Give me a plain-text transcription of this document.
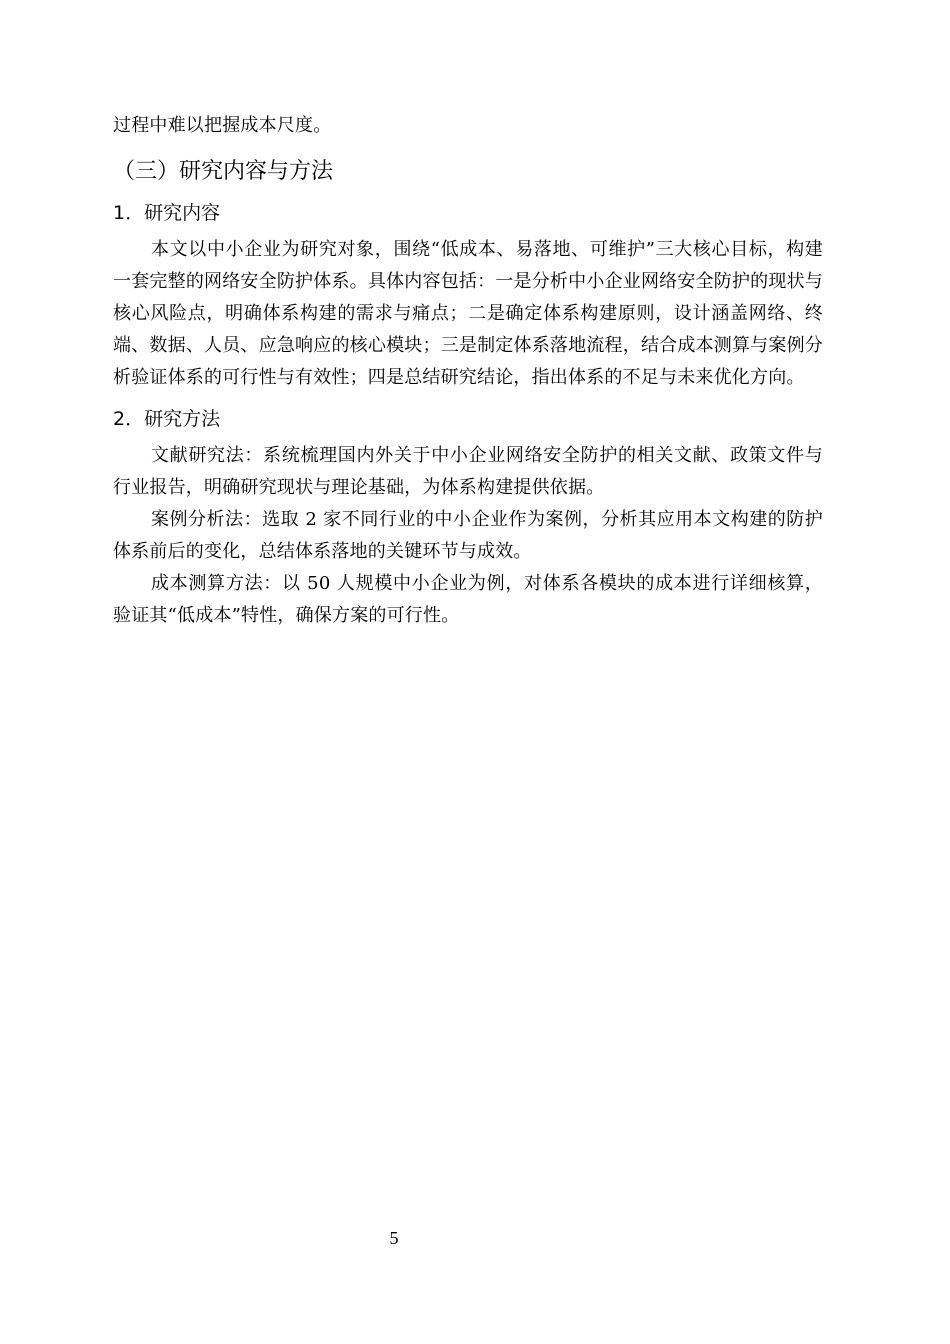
过程中难以把握成本尺度。

（三）研究内容与方法
1．研究内容

本文以中小企业为研究对象，围绕“低成本、易落地、可维护”三大核心目标，构建一套完整的网络安全防护体系。具体内容包括：一是分析中小企业网络安全防护的现状与核心风险点，明确体系构建的需求与痛点；二是确定体系构建原则，设计涵盖网络、终端、数据、人员、应急响应的核心模块；三是制定体系落地流程，结合成本测算与案例分析验证体系的可行性与有效性；四是总结研究结论，指出体系的不足与未来优化方向。

2．研究方法

文献研究法：系统梳理国内外关于中小企业网络安全防护的相关文献、政策文件与行业报告，明确研究现状与理论基础，为体系构建提供依据。

案例分析法：选取 2 家不同行业的中小企业作为案例，分析其应用本文构建的防护体系前后的变化，总结体系落地的关键环节与成效。

成本测算方法：以 50 人规模中小企业为例，对体系各模块的成本进行详细核算，验证其“低成本”特性，确保方案的可行性。

5
